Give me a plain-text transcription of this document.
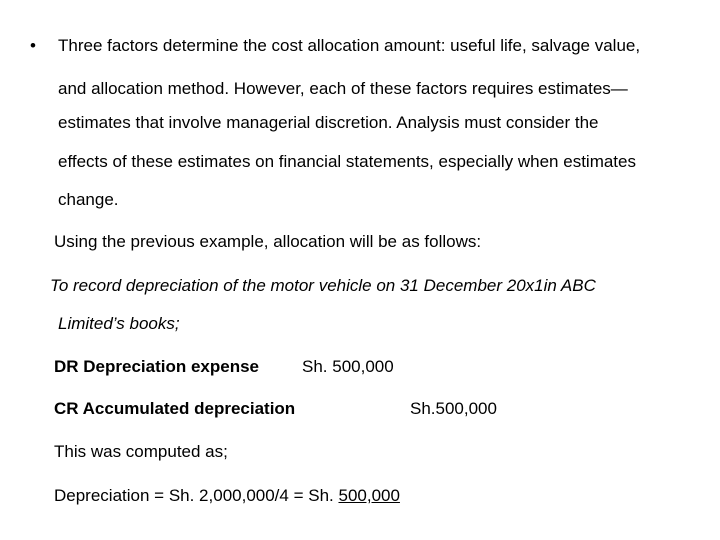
• Three factors determine the cost allocation amount: useful life, salvage value,
and allocation method. However, each of these factors requires estimates—
estimates that involve managerial discretion. Analysis must consider the
effects of these estimates on financial statements, especially when estimates
change.
Using the previous example, allocation will be as follows:
To record depreciation of the motor vehicle on 31 December 20x1in ABC
Limited’s books;
DR Depreciation expense	Sh. 500,000
CR Accumulated depreciation	Sh.500,000
This was computed as;
Depreciation = Sh. 2,000,000/4 = Sh. 500,000
